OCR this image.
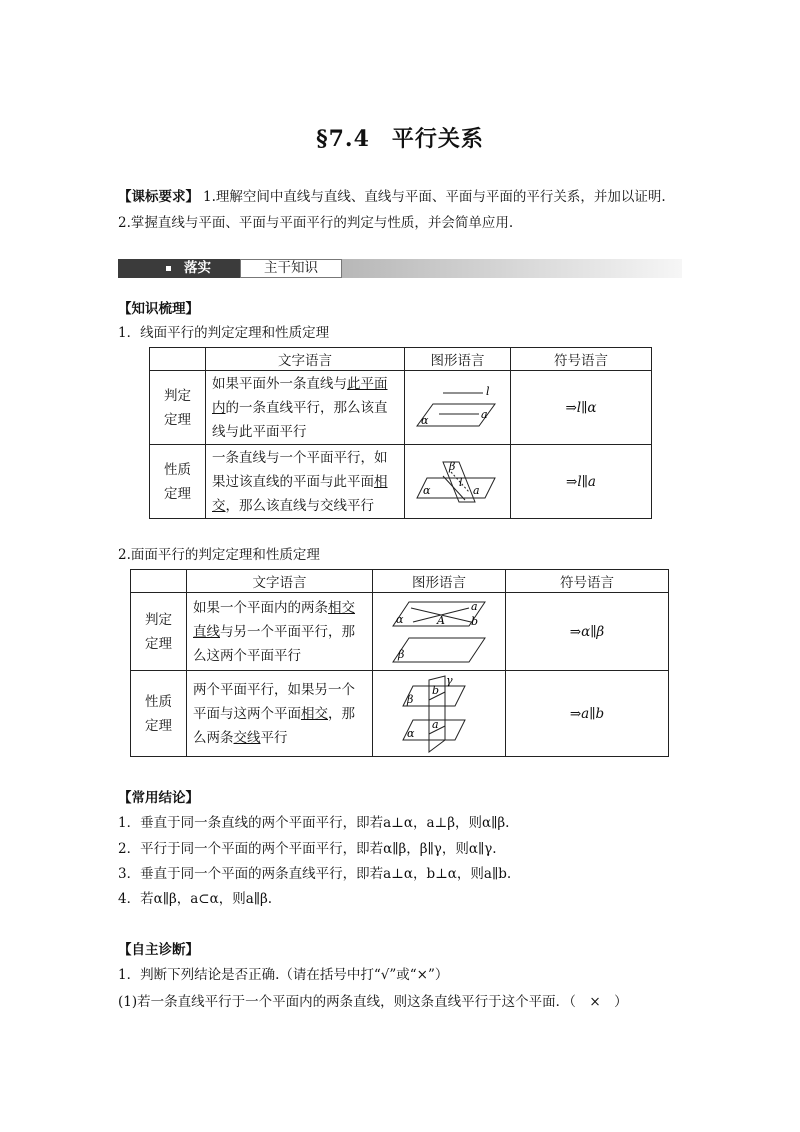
§7.4 平行关系
【课标要求】 1.理解空间中直线与直线、直线与平面、平面与平面的平行关系，并加以证明.
2.掌握直线与平面、平面与平面平行的判定与性质，并会简单应用.
落实	主干知识
【知识梳理】
1．线面平行的判定定理和性质定理
	文字语言	图形语言	符号语言
判定
定理	如果平面外一条直线与此平面
内的一条直线平行，那么该直
线与此平面平行	l
a
α	⇒l∥α
性质
定理	一条直线与一个平面平行，如
果过该直线的平面与此平面相
交，那么该直线与交线平行	β
l
α a	⇒l∥a
2.面面平行的判定定理和性质定理
	文字语言	图形语言	符号语言
判定
定理	如果一个平面内的两条相交
直线与另一个平面平行，那
么这两个平面平行	a
b
A
α
β	⇒α∥β
性质
定理	两个平面平行，如果另一个
平面与这两个平面相交，那
么两条交线平行	β
α
b
a
γ	⇒a∥b
【常用结论】
1．垂直于同一条直线的两个平面平行，即若a⊥α，a⊥β，则α∥β.
2．平行于同一个平面的两个平面平行，即若α∥β，β∥γ，则α∥γ.
3．垂直于同一个平面的两条直线平行，即若a⊥α，b⊥α，则a∥b.
4．若α∥β，a⊂α，则a∥β.
【自主诊断】
1．判断下列结论是否正确.（请在括号中打“√”或“×”）
(1)若一条直线平行于一个平面内的两条直线，则这条直线平行于这个平面．（　×　）
